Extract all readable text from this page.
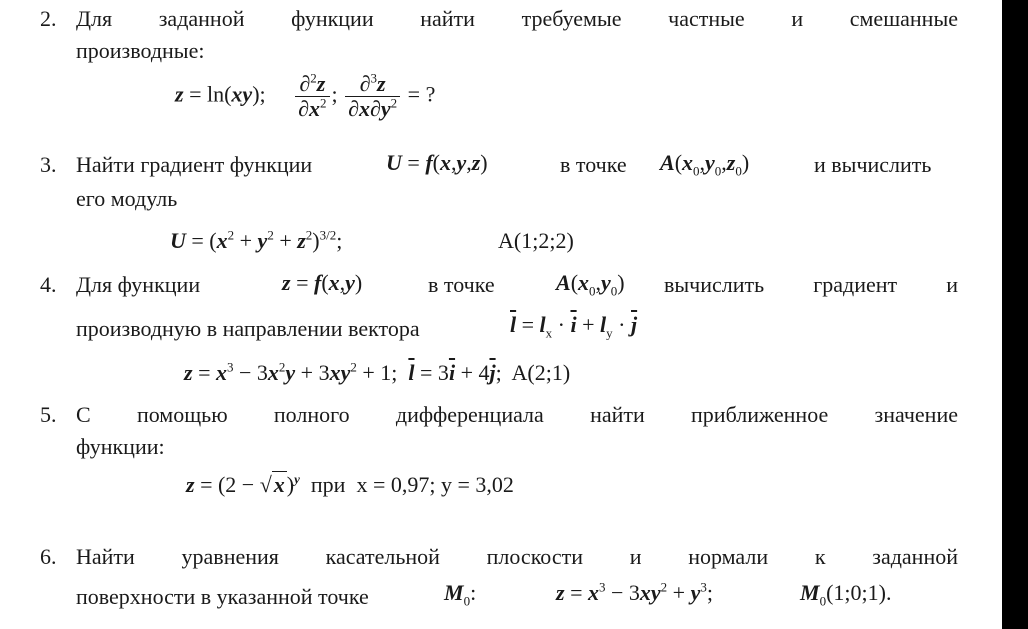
2. Для заданной функции найти требуемые частные и смешанные
производные:
z = ln(xy); $\frac{\partial^2z}{\partial x^2}$ ; $\frac{\partial^3z}{\partial x\partial y^2}$ = ?
3. Найти градиент функции	U = f(x,y,z)	в точке $A(x_0,y_0,z_0)$	и вычислить
его модуль
$U = (x^2 + y^2 + z^2)^{3/2}$;	A(1;2;2)
4. Для функции	z = f(x,y)	в точке	$A(x_0,y_0)$ вычислить градиент и
производную в направлении вектора	$\overline{l} = l_x \cdot \overline{i} + l_y \cdot \overline{j}$
$z = x^3 - 3x^2y + 3xy^2 + 1$;  $\overline{l} = 3\overline{i} + 4\overline{j}$;  A(2;1)
5. С помощью полного дифференциала найти приближенное значение
функции:
$z = (2 - √x)^y$ при x = 0,97; y = 3,02
6. Найти уравнения касательной плоскости и нормали к заданной
поверхности в указанной точке	$M_0$:	$z = x^3 - 3xy^2 + y^3$;	$M_0(1;0;1)$.
